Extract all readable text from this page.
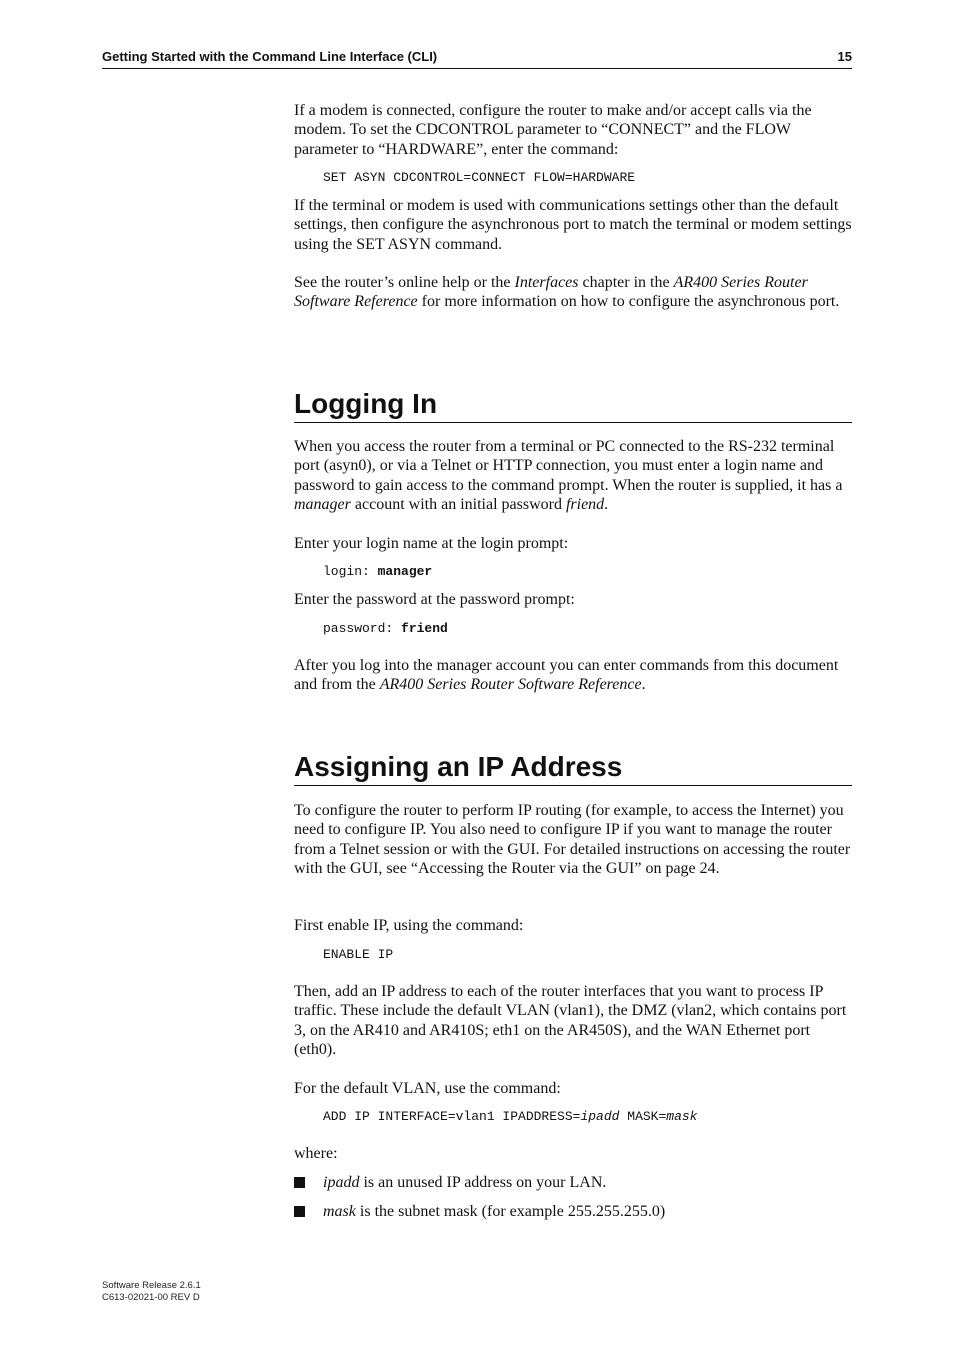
Getting Started with the Command Line Interface (CLI)	15

If a modem is connected, configure the router to make and/or accept calls via the modem. To set the CDCONTROL parameter to “CONNECT” and the FLOW parameter to “HARDWARE”, enter the command:

SET ASYN CDCONTROL=CONNECT FLOW=HARDWARE

If the terminal or modem is used with communications settings other than the default settings, then configure the asynchronous port to match the terminal or modem settings using the SET ASYN command.

See the router’s online help or the Interfaces chapter in the AR400 Series Router Software Reference for more information on how to configure the asynchronous port.

Logging In

When you access the router from a terminal or PC connected to the RS-232 terminal port (asyn0), or via a Telnet or HTTP connection, you must enter a login name and password to gain access to the command prompt. When the router is supplied, it has a manager account with an initial password friend.

Enter your login name at the login prompt:

login: manager

Enter the password at the password prompt:

password: friend

After you log into the manager account you can enter commands from this document and from the AR400 Series Router Software Reference.

Assigning an IP Address

To configure the router to perform IP routing (for example, to access the Internet) you need to configure IP. You also need to configure IP if you want to manage the router from a Telnet session or with the GUI. For detailed instructions on accessing the router with the GUI, see “Accessing the Router via the GUI” on page 24.

First enable IP, using the command:

ENABLE IP

Then, add an IP address to each of the router interfaces that you want to process IP traffic. These include the default VLAN (vlan1), the DMZ (vlan2, which contains port 3, on the AR410 and AR410S; eth1 on the AR450S), and the WAN Ethernet port (eth0).

For the default VLAN, use the command:

ADD IP INTERFACE=vlan1 IPADDRESS=ipadd MASK=mask

where:

ipadd is an unused IP address on your LAN.
mask is the subnet mask (for example 255.255.255.0)
Software Release 2.6.1
C613-02021-00 REV D
